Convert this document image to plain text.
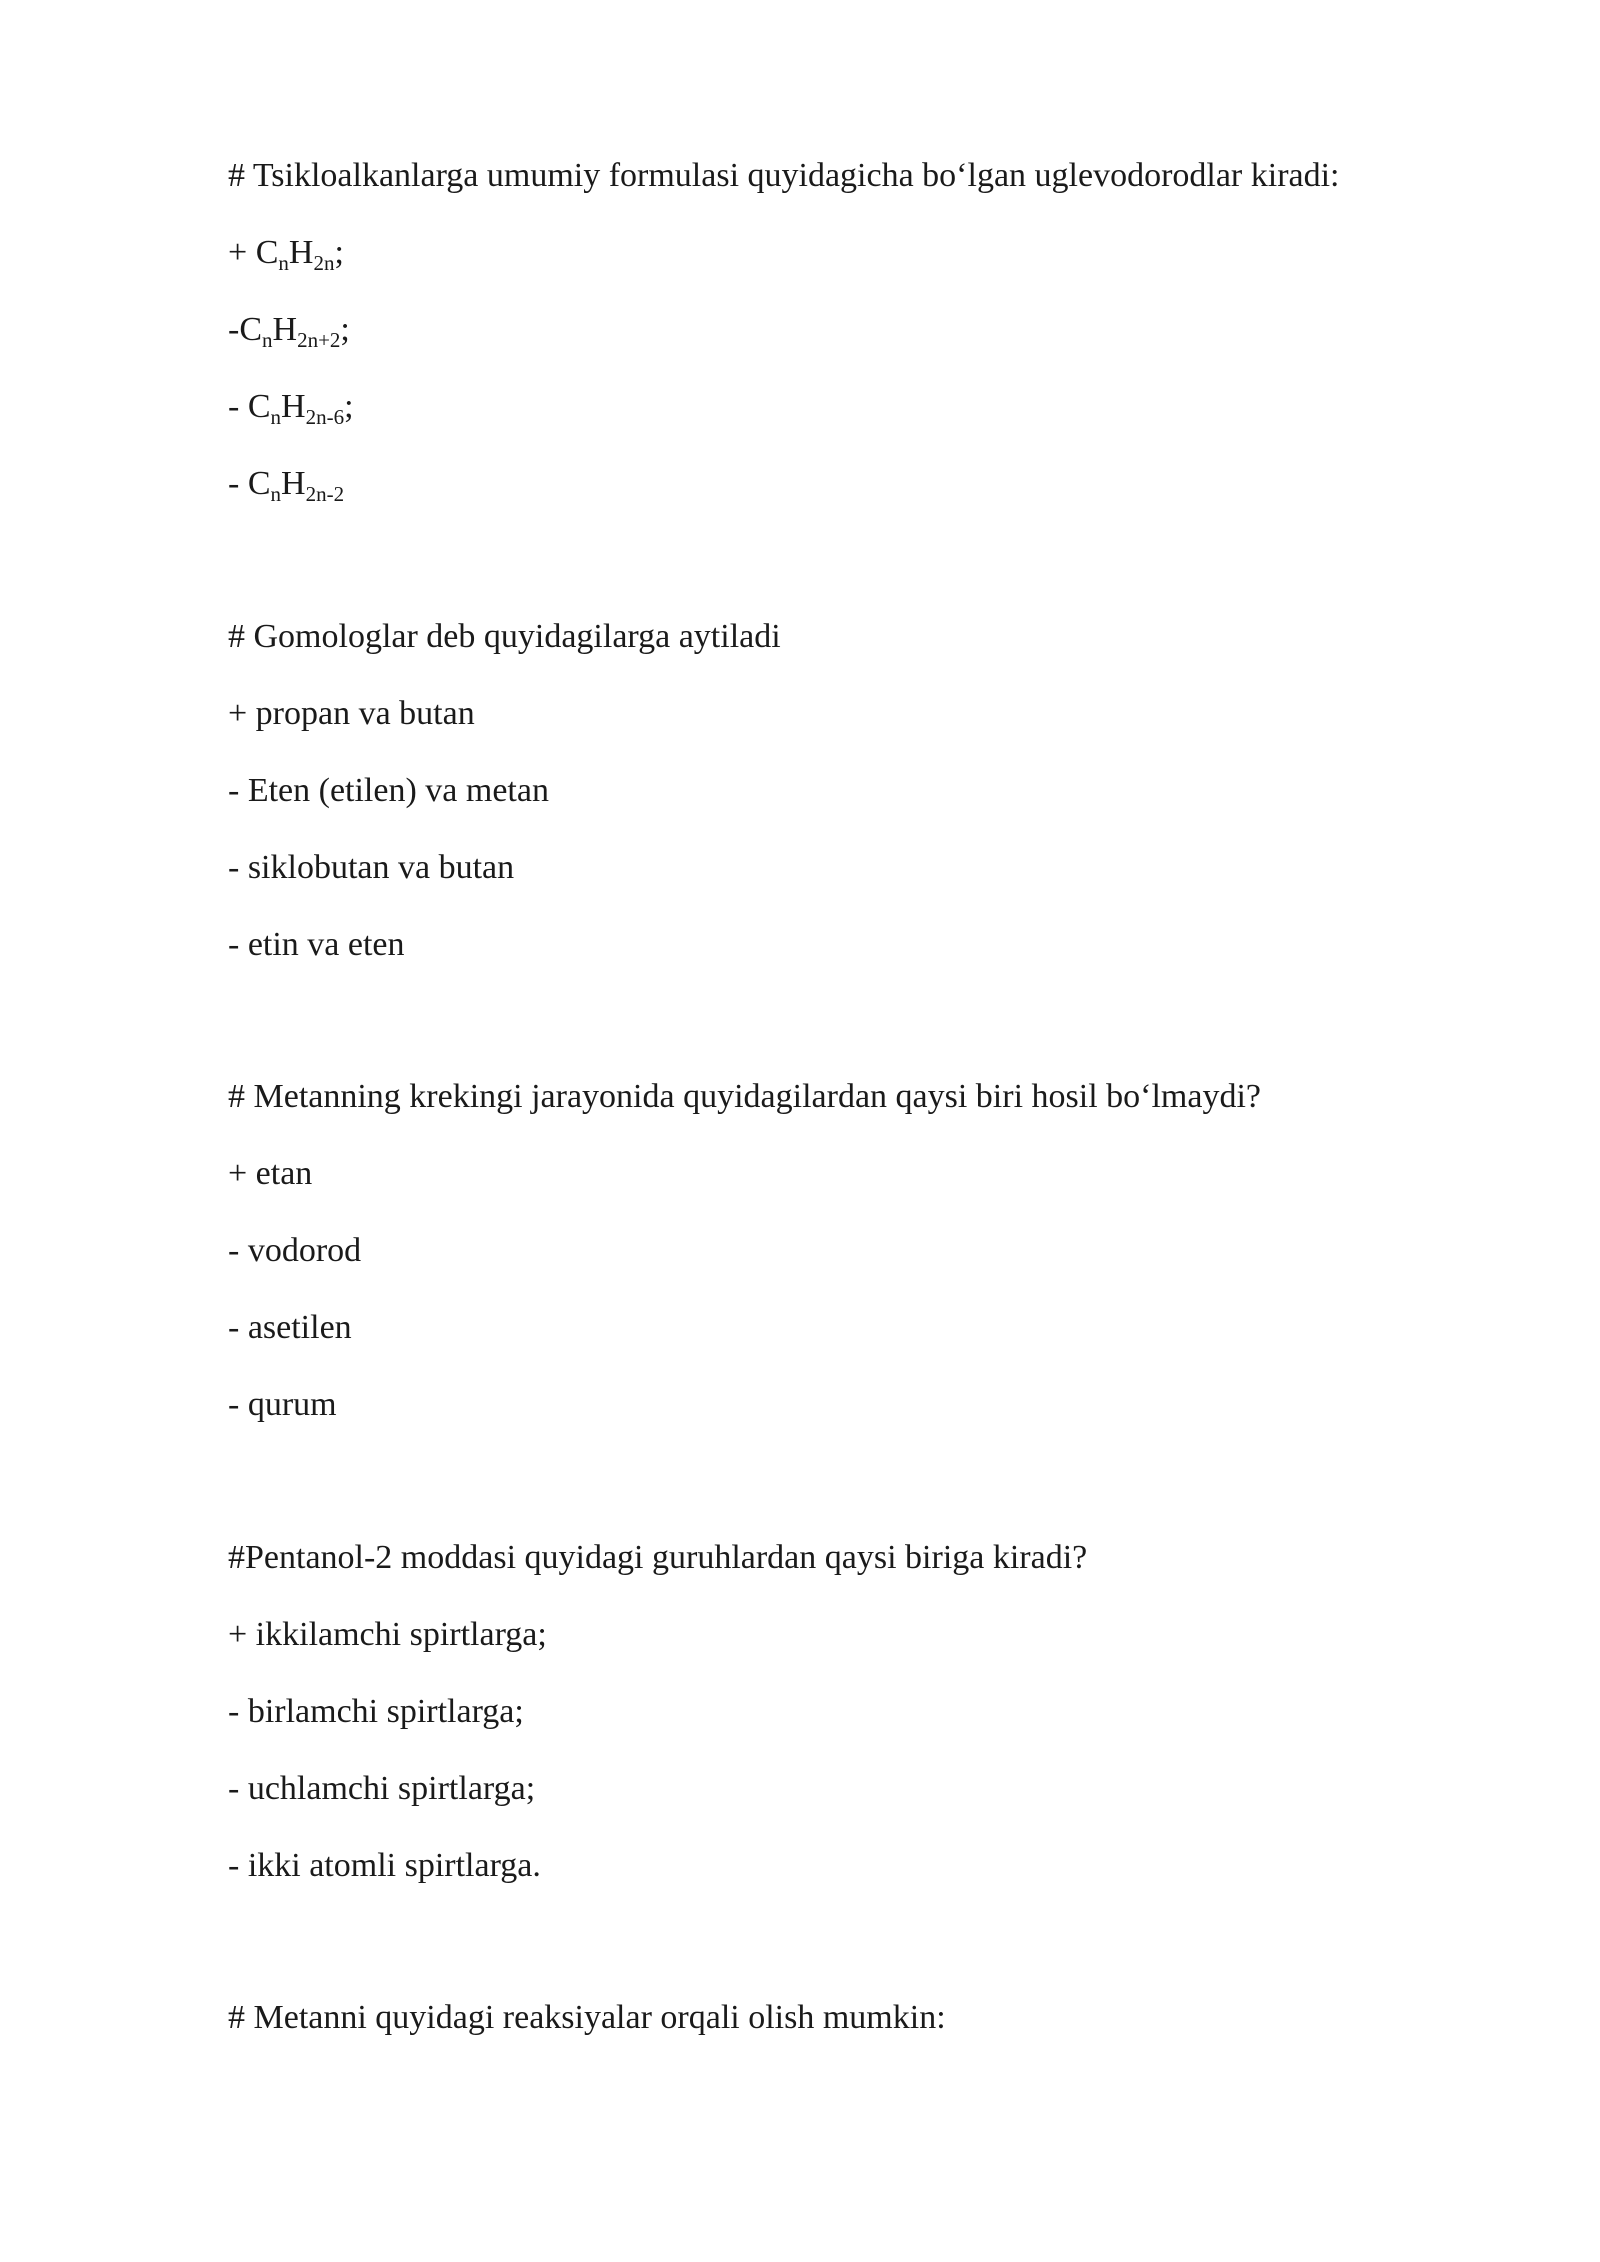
# Tsikloalkanlarga umumiy formulasi quyidagicha bo‘lgan uglevodorodlar kiradi:
+ $C_nH_{2n}$;
$-C_nH_{2n+2}$;
- $C_nH_{2n-6}$;
- $C_nH_{2n-2}$
# Gomologlar deb quyidagilarga aytiladi
+ propan va butan
- Eten (etilen) va metan
- siklobutan va butan
- etin va eten
# Metanning krekingi jarayonida quyidagilardan qaysi biri hosil bo‘lmaydi?
+ etan
- vodorod
- asetilen
- qurum
#Pentanol-2 moddasi quyidagi guruhlardan qaysi biriga kiradi?
+ ikkilamchi spirtlarga;
- birlamchi spirtlarga;
- uchlamchi spirtlarga;
- ikki atomli spirtlarga.
# Metanni quyidagi reaksiyalar orqali olish mumkin:
